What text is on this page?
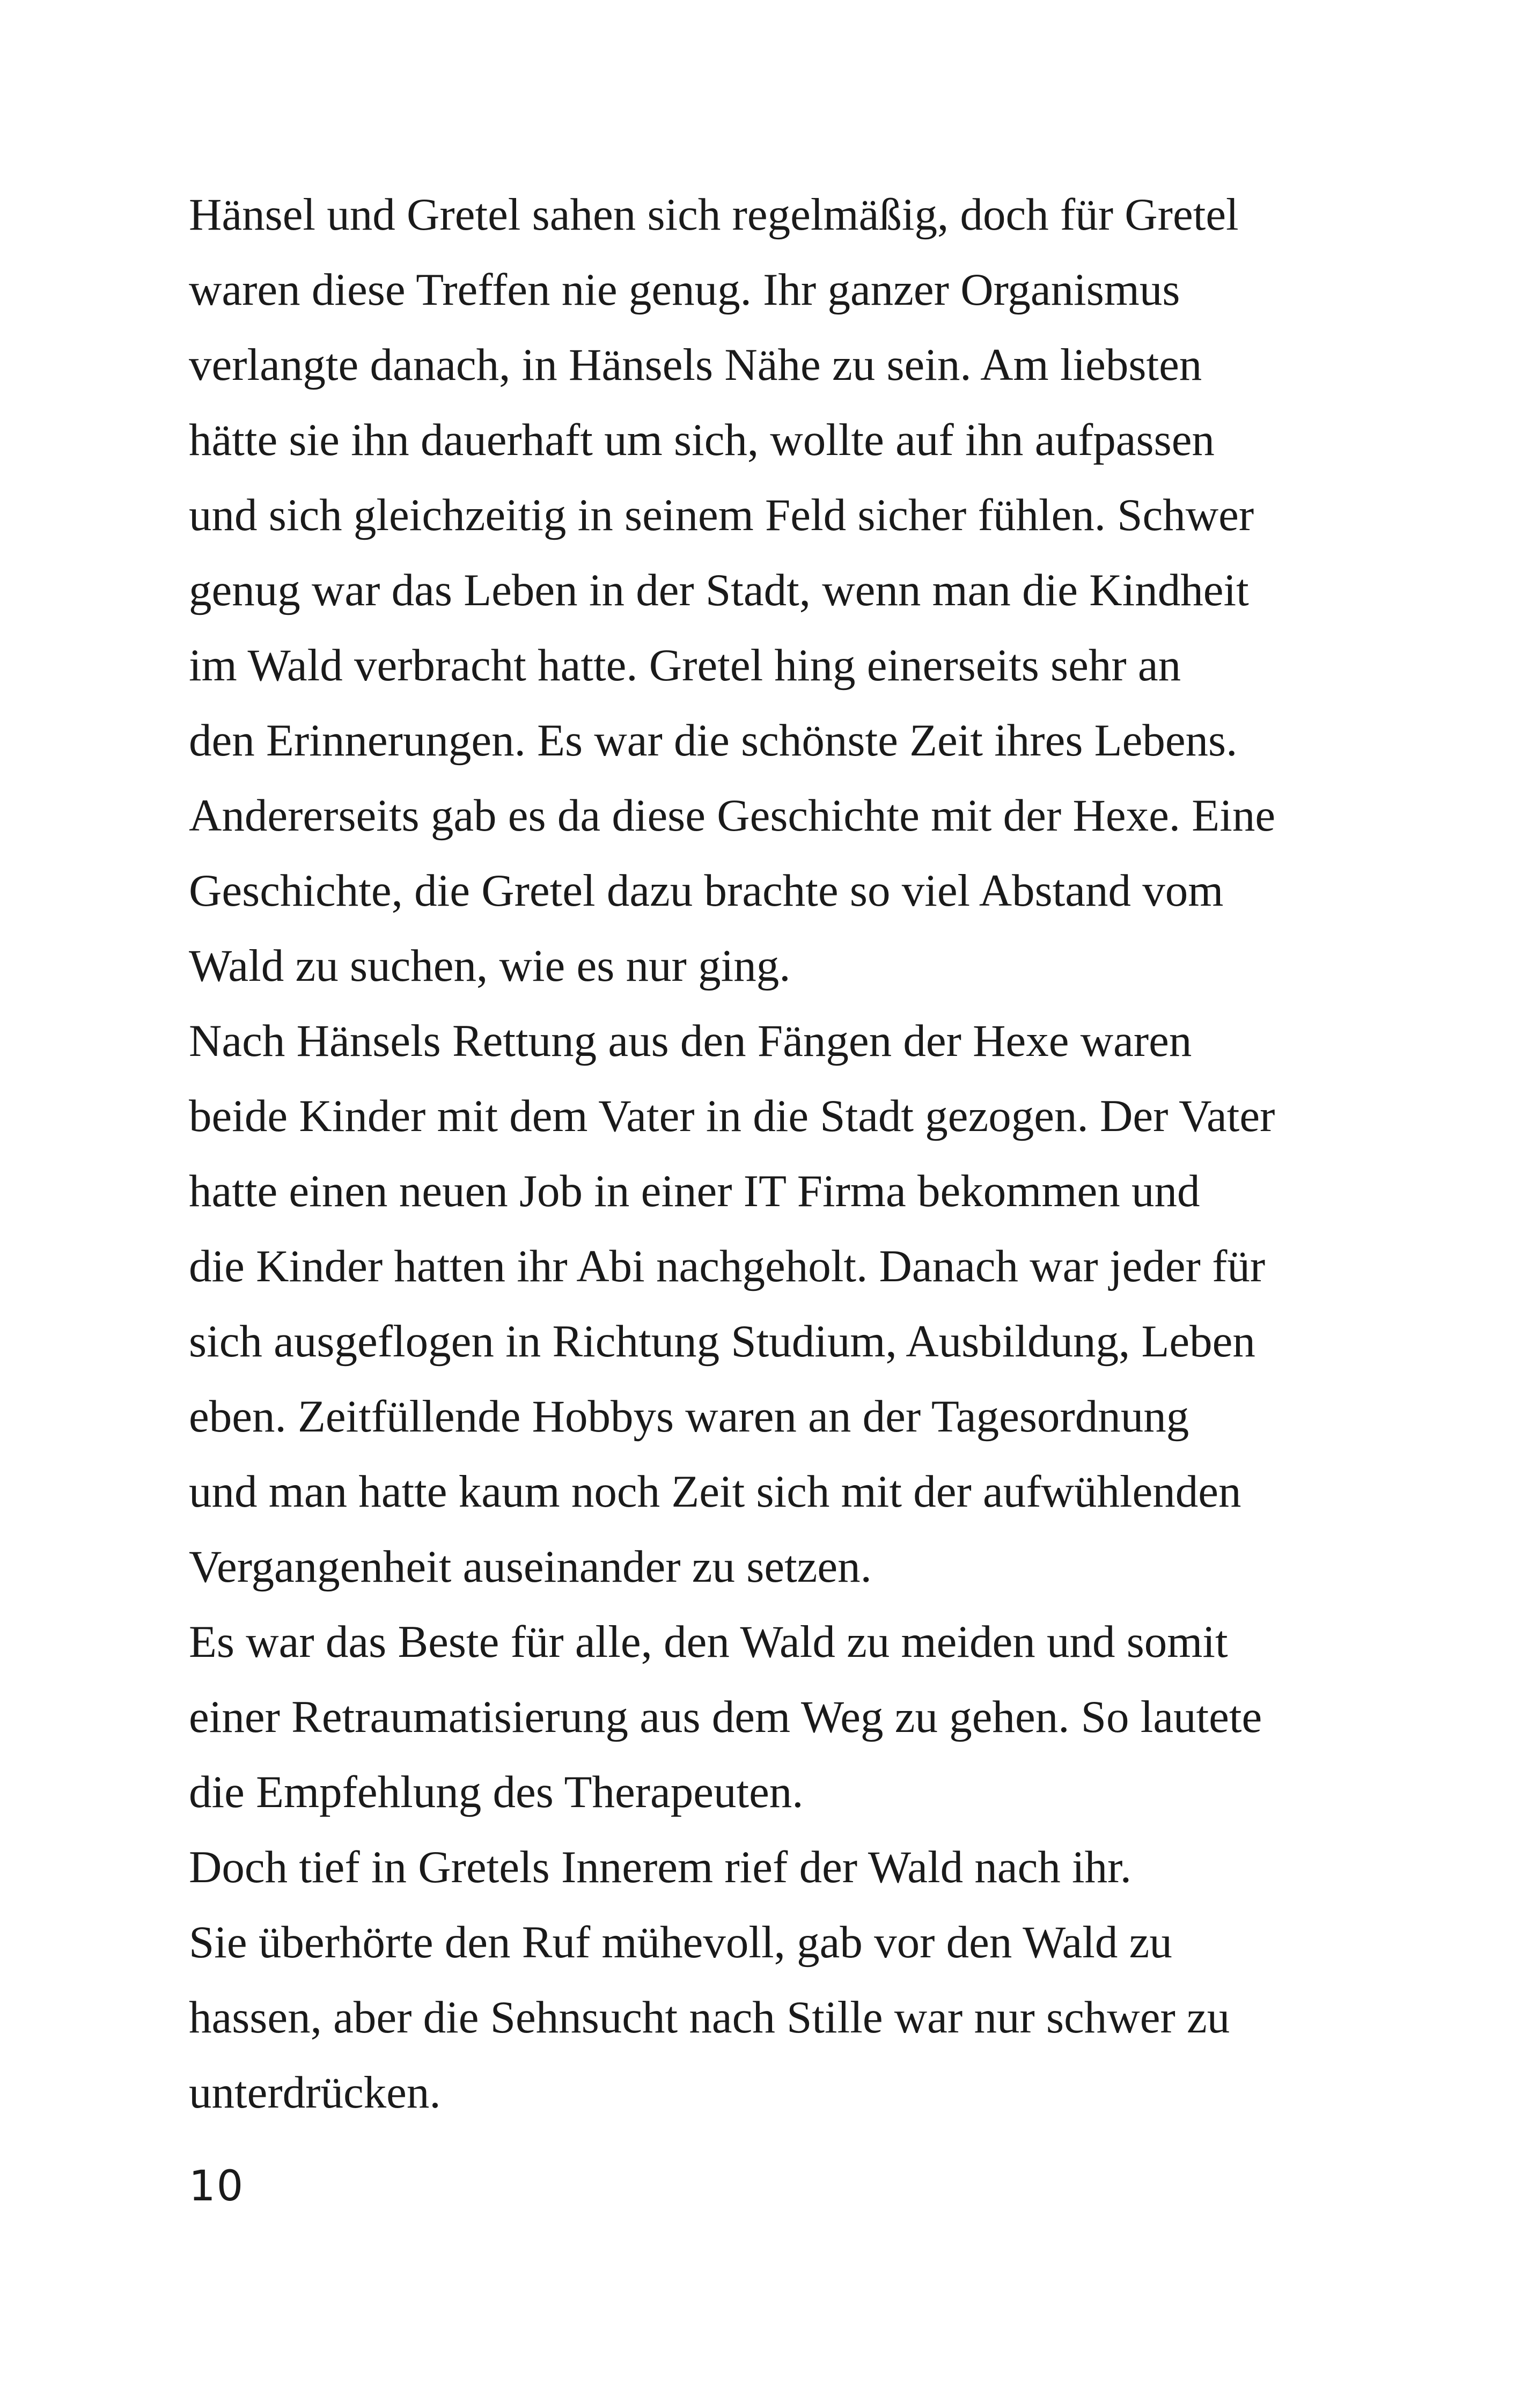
Hänsel und Gretel sahen sich regelmäßig, doch für Gretel
waren diese Treffen nie genug. Ihr ganzer Organismus
verlangte danach, in Hänsels Nähe zu sein. Am liebsten
hätte sie ihn dauerhaft um sich, wollte auf ihn aufpassen
und sich gleichzeitig in seinem Feld sicher fühlen. Schwer
genug war das Leben in der Stadt, wenn man die Kindheit
im Wald verbracht hatte. Gretel hing einerseits sehr an
den Erinnerungen. Es war die schönste Zeit ihres Lebens.
Andererseits gab es da diese Geschichte mit der Hexe. Eine
Geschichte, die Gretel dazu brachte so viel Abstand vom
Wald zu suchen, wie es nur ging.
Nach Hänsels Rettung aus den Fängen der Hexe waren
beide Kinder mit dem Vater in die Stadt gezogen. Der Vater
hatte einen neuen Job in einer IT Firma bekommen und
die Kinder hatten ihr Abi nachgeholt. Danach war jeder für
sich ausgeflogen in Richtung Studium, Ausbildung, Leben
eben. Zeitfüllende Hobbys waren an der Tagesordnung
und man hatte kaum noch Zeit sich mit der aufwühlenden
Vergangenheit auseinander zu setzen.
Es war das Beste für alle, den Wald zu meiden und somit
einer Retraumatisierung aus dem Weg zu gehen. So lautete
die Empfehlung des Therapeuten.
Doch tief in Gretels Innerem rief der Wald nach ihr.
Sie überhörte den Ruf mühevoll, gab vor den Wald zu
hassen, aber die Sehnsucht nach Stille war nur schwer zu
unterdrücken.
10
